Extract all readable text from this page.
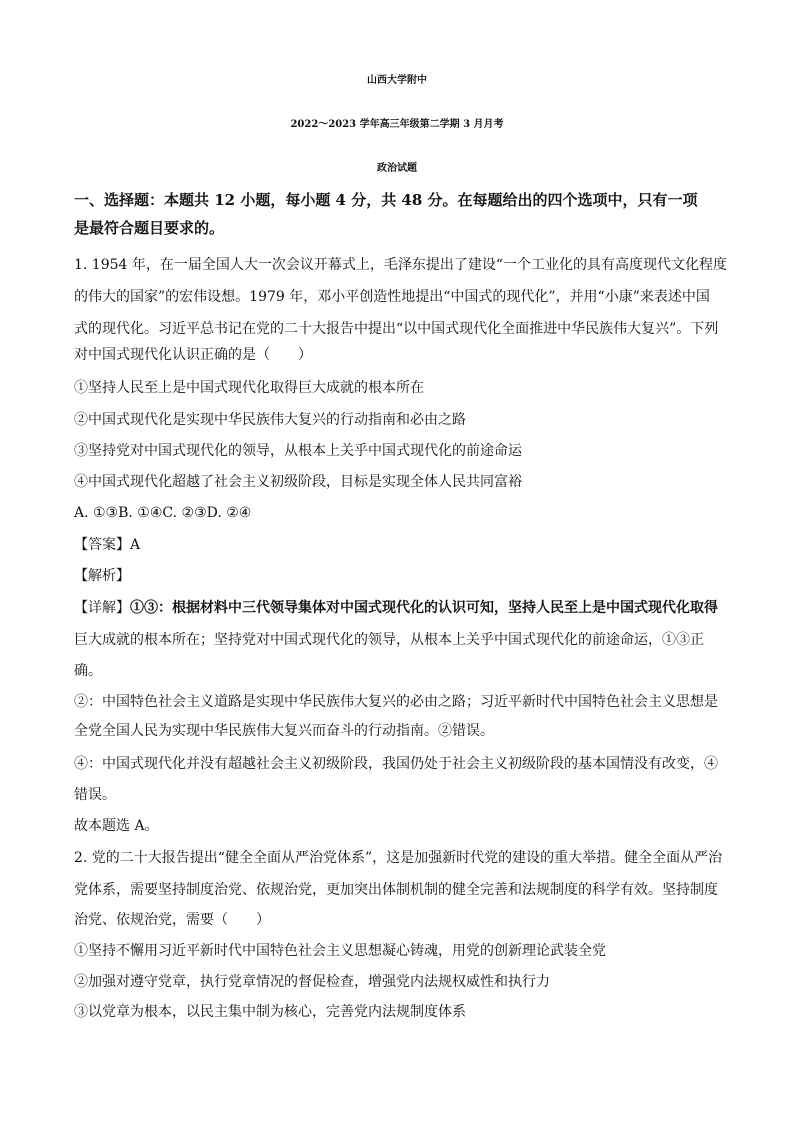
山西大学附中
2022～2023 学年高三年级第二学期 3 月月考
政治试题

一、选择题：本题共 12 小题，每小题 4 分，共 48 分。在每题给出的四个选项中，只有一项

是最符合题目要求的。

1. 1954 年，在一届全国人大一次会议开幕式上，毛泽东提出了建设“一个工业化的具有高度现代文化程度

的伟大的国家”的宏伟设想。1979 年，邓小平创造性地提出“中国式的现代化”，并用“小康”来表述中国

式的现代化。习近平总书记在党的二十大报告中提出“以中国式现代化全面推进中华民族伟大复兴”。下列

对中国式现代化认识正确的是（　　）

①坚持人民至上是中国式现代化取得巨大成就的根本所在

②中国式现代化是实现中华民族伟大复兴的行动指南和必由之路

③坚持党对中国式现代化的领导，从根本上关乎中国式现代化的前途命运

④中国式现代化超越了社会主义初级阶段，目标是实现全体人民共同富裕

A. ①③B. ①④C. ②③D. ②④

【答案】A

【解析】

【详解】①③：根据材料中三代领导集体对中国式现代化的认识可知，坚持人民至上是中国式现代化取得

巨大成就的根本所在；坚持党对中国式现代化的领导，从根本上关乎中国式现代化的前途命运，①③正

确。

②：中国特色社会主义道路是实现中华民族伟大复兴的必由之路；习近平新时代中国特色社会主义思想是

全党全国人民为实现中华民族伟大复兴而奋斗的行动指南。②错误。

④：中国式现代化并没有超越社会主义初级阶段，我国仍处于社会主义初级阶段的基本国情没有改变，④

错误。

故本题选 A。

2. 党的二十大报告提出“健全全面从严治党体系”，这是加强新时代党的建设的重大举措。健全全面从严治

党体系，需要坚持制度治党、依规治党，更加突出体制机制的健全完善和法规制度的科学有效。坚持制度

治党、依规治党，需要（　　）

①坚持不懈用习近平新时代中国特色社会主义思想凝心铸魂，用党的创新理论武装全党

②加强对遵守党章，执行党章情况的督促检查，增强党内法规权威性和执行力

③以党章为根本，以民主集中制为核心，完善党内法规制度体系
